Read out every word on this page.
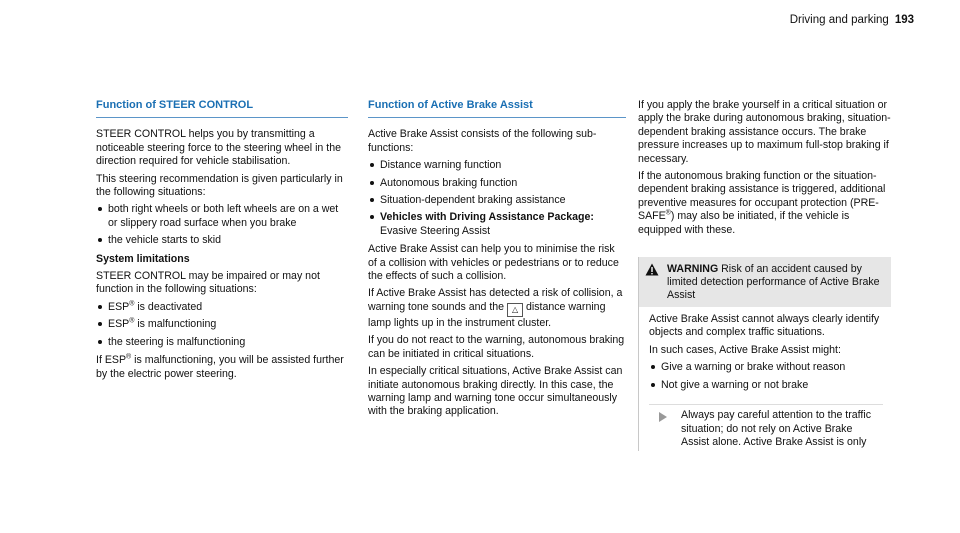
Driving and parking 193
Function of STEER CONTROL

STEER CONTROL helps you by transmitting a noticeable steering force to the steering wheel in the direction required for vehicle stabilisation.

This steering recommendation is given particularly in the following situations:

both right wheels or both left wheels are on a wet or slippery road surface when you brake
the vehicle starts to skid

System limitations

STEER CONTROL may be impaired or may not function in the following situations:

ESP® is deactivated
ESP® is malfunctioning
the steering is malfunctioning

If ESP® is malfunctioning, you will be assisted further by the electric power steering.

Function of Active Brake Assist

Active Brake Assist consists of the following sub-functions:

Distance warning function
Autonomous braking function
Situation-dependent braking assistance
Vehicles with Driving Assistance Package: Evasive Steering Assist

Active Brake Assist can help you to minimise the risk of a collision with vehicles or pedestrians or to reduce the effects of such a collision.

If Active Brake Assist has detected a risk of collision, a warning tone sounds and the △ distance warning lamp lights up in the instrument cluster.

If you do not react to the warning, autonomous braking can be initiated in critical situations.

In especially critical situations, Active Brake Assist can initiate autonomous braking directly. In this case, the warning lamp and warning tone occur simultaneously with the braking application.

If you apply the brake yourself in a critical situation or apply the brake during autonomous braking, situation-dependent braking assistance occurs. The brake pressure increases up to maximum full-stop braking if necessary.

If the autonomous braking function or the situation-dependent braking assistance is triggered, additional preventive measures for occupant protection (PRE-SAFE®) may also be initiated, if the vehicle is equipped with these.

WARNING Risk of an accident caused by limited detection performance of Active Brake Assist

Active Brake Assist cannot always clearly identify objects and complex traffic situations.

In such cases, Active Brake Assist might:

Give a warning or brake without reason
Not give a warning or not brake
Always pay careful attention to the traffic situation; do not rely on Active Brake Assist alone. Active Brake Assist is only
